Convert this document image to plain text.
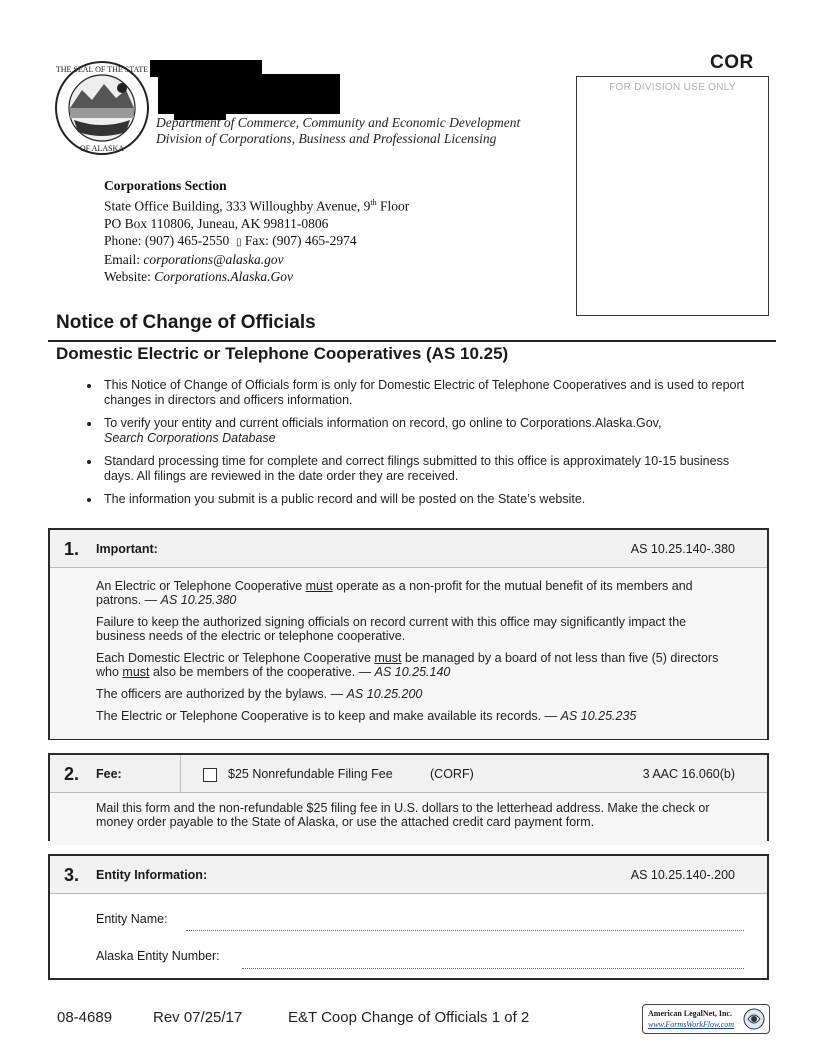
THE SEAL OF THE STATE
OF ALASKA
Department of Commerce, Community and Economic Development
Division of Corporations, Business and Professional Licensing
Corporations Section
State Office Building, 333 Willoughby Avenue, 9th Floor
PO Box 110806, Juneau, AK 99811-0806
Phone: (907) 465-2550 ▯ Fax: (907) 465-2974
Email: corporations@alaska.gov
Website: Corporations.Alaska.Gov
COR
FOR DIVISION USE ONLY
Notice of Change of Officials
Domestic Electric or Telephone Cooperatives (AS 10.25)
This Notice of Change of Officials form is only for Domestic Electric of Telephone Cooperatives and is used to report changes in directors and officers information.
To verify your entity and current officials information on record, go online to Corporations.Alaska.Gov,
Search Corporations Database
Standard processing time for complete and correct filings submitted to this office is approximately 10-15 business days. All filings are reviewed in the date order they are received.
The information you submit is a public record and will be posted on the State’s website.
1. Important:	AS 10.25.140-.380

An Electric or Telephone Cooperative must operate as a non-profit for the mutual benefit of its members and patrons. — AS 10.25.380

Failure to keep the authorized signing officials on record current with this office may significantly impact the business needs of the electric or telephone cooperative.

Each Domestic Electric or Telephone Cooperative must be managed by a board of not less than five (5) directors who must also be members of the cooperative. — AS 10.25.140

The officers are authorized by the bylaws. — AS 10.25.200

The Electric or Telephone Cooperative is to keep and make available its records. — AS 10.25.235

2. Fee:	$25 Nonrefundable Filing Fee	(CORF)	3 AAC 16.060(b)

Mail this form and the non-refundable $25 filing fee in U.S. dollars to the letterhead address. Make the check or money order payable to the State of Alaska, or use the attached credit card payment form.

3. Entity Information:	AS 10.25.140-.200
Entity Name:
Alaska Entity Number:
08-4689	Rev 07/25/17	E&T Coop Change of Officials 1 of 2	American LegalNet, Inc.
www.FormsWorkFlow.com
